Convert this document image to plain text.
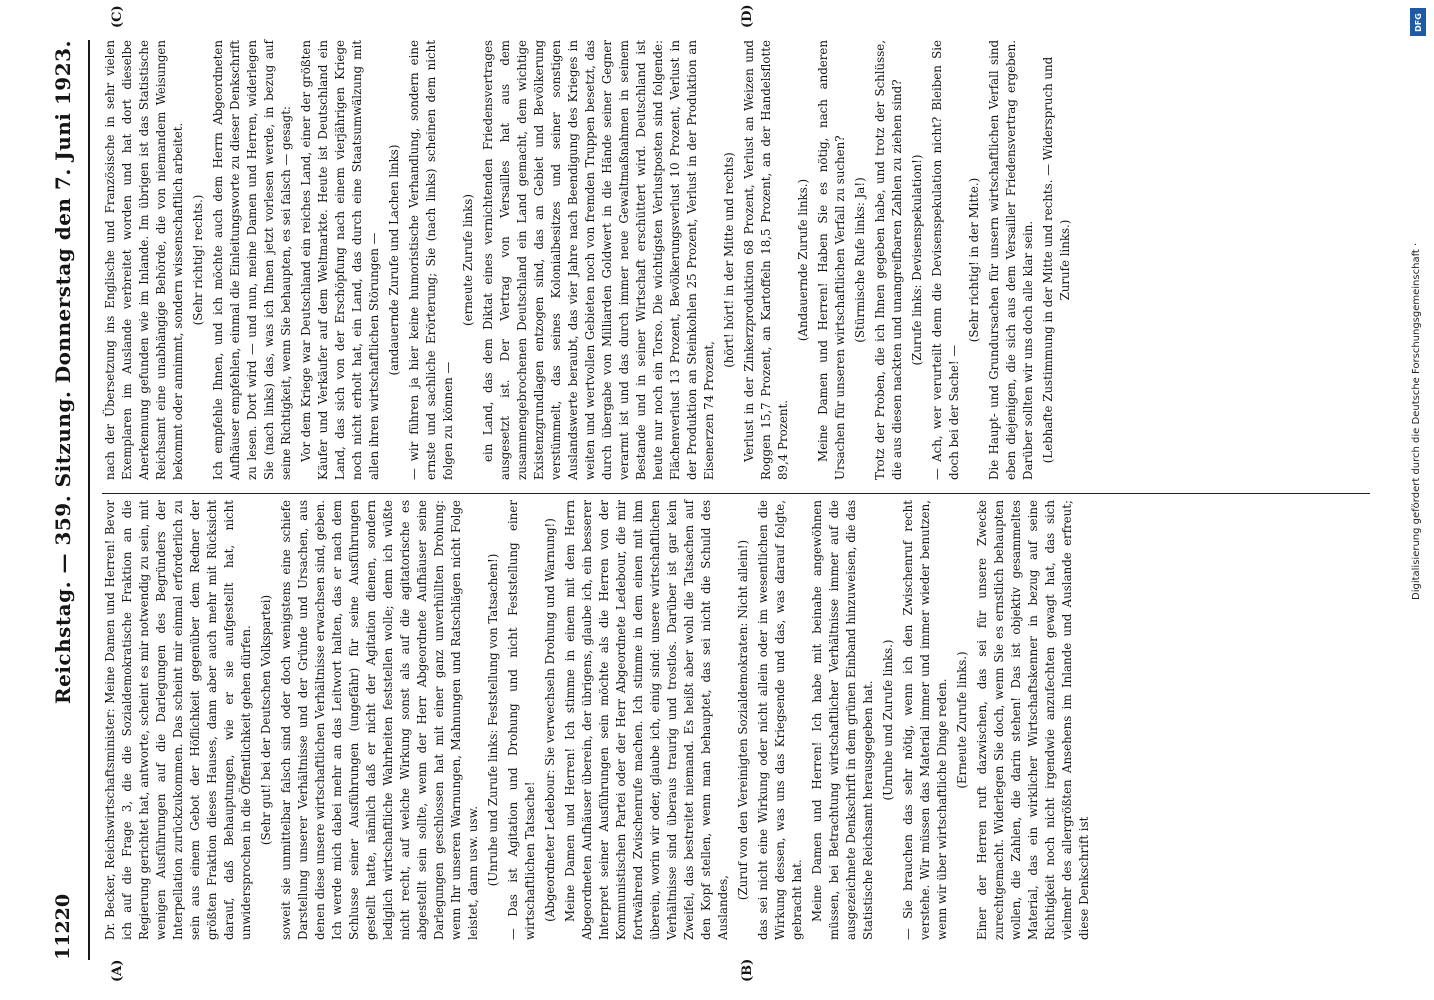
11220
Reichstag. — 359. Sitzung. Donnerstag den 7. Juni 1923.
(A)	(B)
(C)	(D)

Dr. Becker, Reichswirtschaftsminister: Meine Damen und Herren! Bevor ich auf die Frage 3, die die Sozialdemokratische Fraktion an die Regierung gerichtet hat, antworte, scheint es mir notwendig zu sein, mit wenigen Ausführungen auf die Darlegungen des Begründers der Interpellation zurückzukommen. Das scheint mir einmal erforderlich zu sein aus einem Gebot der Höflichkeit gegenüber dem Redner der größten Fraktion dieses Hauses, dann aber auch mehr mit Rücksicht darauf, daß Behauptungen, wie er sie aufgestellt hat, nicht unwidersprochen in die Öffentlichkeit gehen dürfen. (Sehr gut! bei der Deutschen Volkspartei) soweit sie unmittelbar falsch sind oder doch wenigstens eine schiefe Darstellung unserer Verhältnisse und der Gründe und Ursachen, aus denen diese unsere wirtschaftlichen Verhältnisse erwachsen sind, geben. Ich werde mich dabei mehr an das Leitwort halten, das er nach dem Schlusse seiner Ausführungen (ungefähr) für seine Ausführungen gestellt hatte, nämlich daß er nicht der Agitation dienen, sondern lediglich wirtschaftliche Wahrheiten feststellen wolle; denn ich wüßte nicht recht, auf welche Wirkung sonst als auf die agitatorische es abgestellt sein sollte, wenn der Herr Abgeordnete Aufhäuser seine Darlegungen geschlossen hat mit einer ganz unverhüllten Drohung: wenn Ihr unseren Warnungen, Mahnungen und Ratschlägen nicht Folge leistet, dann usw. usw. (Unruhe und Zurufe links: Feststellung von Tatsachen!) — Das ist Agitation und Drohung und nicht Feststellung einer wirtschaftlichen Tatsache! (Abgeordneter Ledebour: Sie verwechseln Drohung und Warnung!) Meine Damen und Herren! Ich stimme in einem mit dem Herrn Abgeordneten Aufhäuser überein, der übrigens, glaube ich, ein besserer Interpret seiner Ausführungen sein möchte als die Herren von der Kommunistischen Partei oder der Herr Abgeordnete Ledebour, die mir fortwährend Zwischenrufe machen. Ich stimme in dem einen mit ihm überein, worin wir oder, glaube ich, einig sind: unsere wirtschaftlichen Verhältnisse sind überaus traurig und trostlos. Darüber ist gar kein Zweifel, das bestreitet niemand. Es heißt aber wohl die Tatsachen auf den Kopf stellen, wenn man behauptet, das sei nicht die Schuld des Auslandes,

(Zuruf von den Vereinigten Sozialdemokraten: Nicht allein!) das sei nicht eine Wirkung oder nicht allein oder im wesentlichen die Wirkung dessen, was uns das Kriegsende und das, was darauf folgte, gebracht hat. Meine Damen und Herren! Ich habe mit beinahe angewöhnen müssen, bei Betrachtung wirtschaftlicher Verhältnisse immer auf die ausgezeichnete Denkschrift in dem grünen Einband hinzuweisen, die das Statistische Reichsamt herausgegeben hat. (Unruhe und Zurufe links.) — Sie brauchen das sehr nötig, wenn ich den Zwischenruf recht verstehe. Wir müssen das Material immer und immer wieder benutzen, wenn wir über wirtschaftliche Dinge reden. (Erneute Zurufe links.) Einer der Herren ruft dazwischen, das sei für unsere Zwecke zurechtgemacht. Widerlegen Sie doch, wenn Sie es ernstlich behaupten wollen, die Zahlen, die darin stehen! Das ist objektiv gesammeltes Material, das ein wirklicher Wirtschaftskenner in bezug auf seine Richtigkeit noch nicht irgendwie anzufechten gewagt hat, das sich vielmehr des allergrößten Ansehens im Inlande und Auslande erfreut; diese Denkschrift ist

nach der Übersetzung ins Englische und Französische in sehr vielen Exemplaren im Auslande verbreitet worden und hat dort dieselbe Anerkennung gefunden wie im Inlande. Im übrigen ist das Statistische Reichsamt eine unabhängige Behörde, die von niemandem Weisungen bekommt oder annimmt, sondern wissenschaftlich arbeitet. (Sehr richtig! rechts.) Ich empfehle Ihnen, und ich möchte auch dem Herrn Abgeordneten Aufhäuser empfehlen, einmal die Einleitungsworte zu dieser Denkschrift zu lesen. Dort wird — und nun, meine Damen und Herren, widerlegen Sie (nach links) das, was ich Ihnen jetzt vorlesen werde, in bezug auf seine Richtigkeit, wenn Sie behaupten, es sei falsch — gesagt: Vor dem Kriege war Deutschland ein reiches Land, einer der größten Käufer und Verkäufer auf dem Weltmarkte. Heute ist Deutschland ein Land, das sich von der Erschöpfung nach einem vierjährigen Kriege noch nicht erholt hat, ein Land, das durch eine Staatsumwälzung mit allen ihren wirtschaftlichen Störungen — (andauernde Zurufe und Lachen links) — wir führen ja hier keine humoristische Verhandlung, sondern eine ernste und sachliche Erörterung; Sie (nach links) scheinen dem nicht folgen zu können —

(erneute Zurufe links) ein Land, das dem Diktat eines vernichtenden Friedensvertrages ausgesetzt ist. Der Vertrag von Versailles hat aus dem zusammengebrochenen Deutschland ein Land gemacht, dem wichtige Existenzgrundlagen entzogen sind, das an Gebiet und Bevölkerung verstümmelt, das seines Kolonialbesitzes und seiner sonstigen Auslandswerte beraubt, das vier Jahre nach Beendigung des Krieges in weiten und wertvollen Gebieten noch von fremden Truppen besetzt, das durch übergabe von Milliarden Goldwert in die Hände seiner Gegner verarmt ist und das durch immer neue Gewaltmaßnahmen in seinem Bestande und in seiner Wirtschaft erschüttert wird. Deutschland ist heute nur noch ein Torso. Die wichtigsten Verlustposten sind folgende: Flächenverlust 13 Prozent, Bevölkerungsverlust 10 Prozent, Verlust in der Produktion an Steinkohlen 25 Prozent, Verlust in der Produktion an Eisenerzen 74 Prozent,

(hört! hört! in der Mitte und rechts) Verlust in der Zinkerzproduktion 68 Prozent, Verlust an Weizen und Roggen 15,7 Prozent, an Kartoffeln 18,5 Prozent, an der Handelsflotte 89,4 Prozent.

(Andauernde Zurufe links.) Meine Damen und Herren! Haben Sie es nötig, nach anderen Ursachen für unseren wirtschaftlichen Verfall zu suchen? (Stürmische Rufe links: Ja!) Trotz der Proben, die ich Ihnen gegeben habe, und trotz der Schlüsse, die aus diesen nackten und unangreifbaren Zahlen zu ziehen sind? (Zurufe links: Devisenspekulation!) — Ach, wer verurteilt denn die Devisenspekulation nicht? Bleiben Sie doch bei der Sache! —

(Sehr richtig! in der Mitte.) Die Haupt- und Grundursachen für unsern wirtschaftlichen Verfall sind eben diejenigen, die sich aus dem Versailler Friedensvertrag ergeben. Darüber sollten wir uns doch alle klar sein. (Lebhafte Zustimmung in der Mitte und rechts. — Widerspruch und Zurufe links.)

DFG
Digitalisierung gefördert durch die Deutsche Forschungsgemeinschaft ·
